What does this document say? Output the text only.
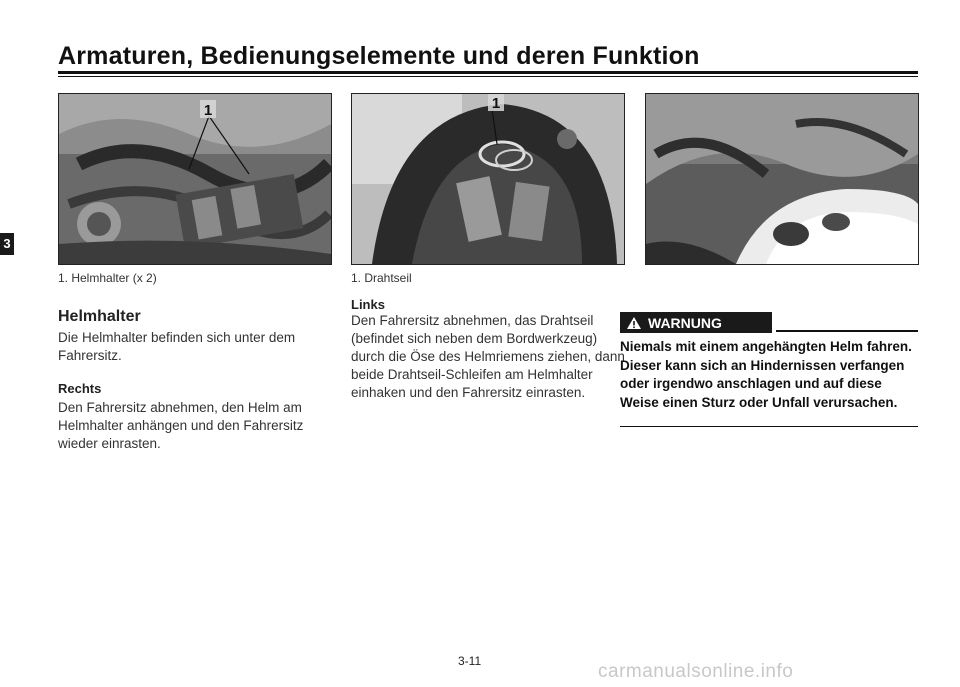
Armaturen, Bedienungselemente und deren Funktion
3
1
1. Helmhalter (x 2)
1
1. Drahtseil
Helmhalter
Die Helmhalter befinden sich unter dem Fahrersitz.
Rechts
Den Fahrersitz abnehmen, den Helm am Helmhalter anhängen und den Fahrersitz wieder einrasten.
Links
Den Fahrersitz abnehmen, das Drahtseil (befindet sich neben dem Bordwerkzeug) durch die Öse des Helmriemens ziehen, dann beide Drahtseil-Schleifen am Helmhalter einhaken und den Fahrersitz einrasten.
WARNUNG
Niemals mit einem angehängten Helm fahren. Dieser kann sich an Hindernissen verfangen oder irgendwo anschlagen und auf diese Weise einen Sturz oder Unfall verursachen.
3-11	carmanualsonline.info
